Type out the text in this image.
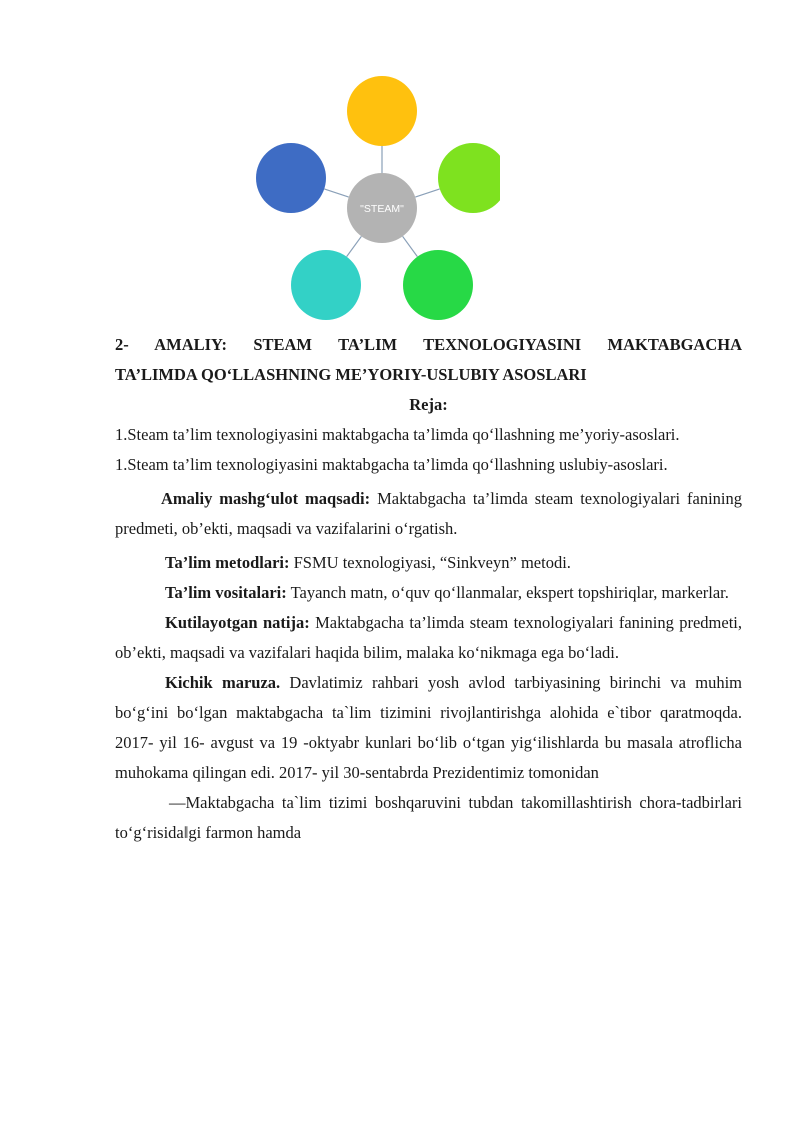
"STEAM"
2- AMALIY: STEAM TA’LIM TEXNOLOGIYASINI MAKTABGACHA
TA’LIMDA QO‘LLASHNING ME’YORIY-USLUBIY ASOSLARI
Reja:

1.Steam ta’lim texnologiyasini maktabgacha ta’limda qo‘llashning me’yoriy-asoslari.

1.Steam ta’lim texnologiyasini maktabgacha ta’limda qo‘llashning uslubiy-asoslari.

Amaliy mashg‘ulot maqsadi: Maktabgacha ta’limda steam texnologiyalari fanining predmeti, ob’ekti, maqsadi va vazifalarini o‘rgatish.

Ta’lim metodlari: FSMU texnologiyasi, “Sinkveyn” metodi.

Ta’lim vositalari: Tayanch matn, o‘quv qo‘llanmalar, ekspert topshiriqlar, markerlar.

Kutilayotgan natija: Maktabgacha ta’limda steam texnologiyalari fanining predmeti, ob’ekti, maqsadi va vazifalari haqida bilim, malaka ko‘nikmaga ega bo‘ladi.

Kichik maruza. Davlatimiz rahbari yosh avlod tarbiyasining birinchi va muhim bo‘g‘ini bo‘lgan maktabgacha ta`lim tizimini rivojlantirishga alohida e`tibor qaratmoqda. 2017- yil 16- avgust va 19 -oktyabr kunlari bo‘lib o‘tgan yig‘ilishlarda bu masala atroflicha muhokama qilingan edi. 2017- yil 30-sentabrda Prezidentimiz tomonidan

―Maktabgacha ta`lim tizimi boshqaruvini tubdan takomillashtirish chora-tadbirlari to‘g‘risida‖gi farmon hamda
